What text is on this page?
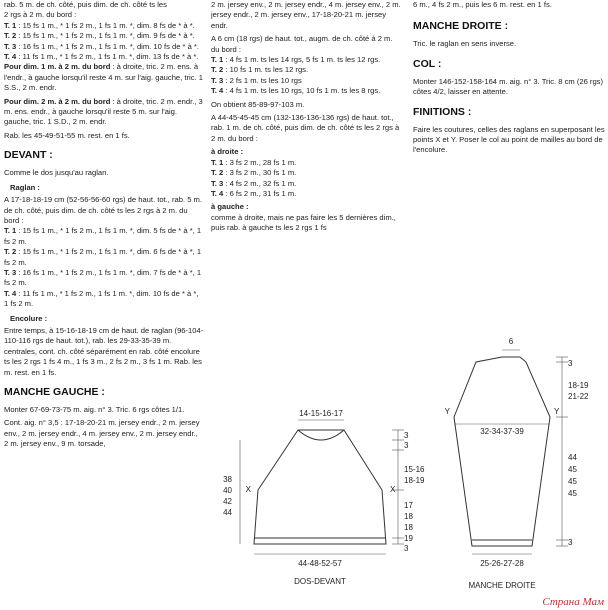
rab. 5 m. de ch. côté, puis dim. de ch. côté ts les
2 rgs à 2 m. du bord :
T. 1 : 15 fs 1 m., * 1 fs 2 m., 1 fs 1 m. *, dim. 8 fs de * à *.
T. 2 : 15 fs 1 m., * 1 fs 2 m., 1 fs 1 m. *, dim. 9 fs de * à *.
T. 3 : 16 fs 1 m., * 1 fs 2 m., 1 fs 1 m. *, dim. 10 fs de * à *.
T. 4 : 11 fs 1 m., * 1 fs 2 m., 1 fs 1 m. *, dim. 13 fs de * à *.

Pour dim. 1 m. à 2 m. du bord : à droite, tric. 2 m. ens. à l'endr., à gauche lorsqu'il reste 4 m. sur l'aig. gauche, tric. 1 S.S., 2 m. endr.

Pour dim. 2 m. à 2 m. du bord : à droite, tric. 2 m. endr., 3 m. ens. endr., à gauche lorsqu'il reste 5 m. sur l'aig. gauche, tric. 1 S.D., 2 m. endr.

Rab. les 45-49-51-55 m. rest. en 1 fs.

DEVANT :

Comme le dos jusqu'au raglan.

Raglan :

A 17-18-18-19 cm (52-56-56-60 rgs) de haut. tot., rab. 5 m. de ch. côté, puis dim. de ch. côté ts les 2 rgs à 2 m. du bord :

T. 1 : 15 fs 1 m., * 1 fs 2 m., 1 fs 1 m. *, dim. 5 fs de * à *, 1 fs 2 m.
T. 2 : 15 fs 1 m., * 1 fs 2 m., 1 fs 1 m. *, dim. 6 fs de * à *, 1 fs 2 m.
T. 3 : 16 fs 1 m., * 1 fs 2 m., 1 fs 1 m. *, dim. 7 fs de * à *, 1 fs 2 m.
T. 4 : 11 fs 1 m., * 1 fs 2 m., 1 fs 1 m. *, dim. 10 fs de * à *, 1 fs 2 m.
Encolure :

Entre temps, à 15-16-18-19 cm de haut. de raglan (96-104-110-116 rgs de haut. tot.), rab. les 29-33-35-39 m. centrales, cont. ch. côté séparément en rab. côté encolure ts les 2 rgs 1 fs 4 m., 1 fs 3 m., 2 fs 2 m., 3 fs 1 m. Rab. les m. rest. en 1 fs.

MANCHE GAUCHE :

Monter 67-69-73-75 m. aig. n° 3. Tric. 6 rgs côtes 1/1.

Cont. aig. n° 3,5 : 17-18-20-21 m. jersey endr., 2 m. jersey env., 2 m. jersey endr., 4 m. jersey env., 2 m. jersey endr., 2 m. jersey env., 9 m. torsade,

2 m. jersey env., 2 m. jersey endr., 4 m. jersey env., 2 m. jersey endr., 2 m. jersey env., 17-18-20-21 m. jersey endr.

A 6 cm (18 rgs) de haut. tot., augm. de ch. côté à 2 m. du bord :

T. 1 : 4 fs 1 m. ts les 14 rgs, 5 fs 1 m. ts les 12 rgs.
T. 2 : 10 fs 1 m. ts les 12 rgs.
T. 3 : 2 fs 1 m. ts les 10 rgs
T. 4 : 4 fs 1 m. ts les 10 rgs, 10 fs 1 m. ts les 8 rgs.

On obtient 85-89-97-103 m.

A 44-45-45-45 cm (132-136-136-136 rgs) de haut. tot., rab. 1 m. de ch. côté, puis dim. de ch. côté ts les 2 rgs à 2 m. du bord :

à droite :
T. 1 : 3 fs 2 m., 28 fs 1 m.
T. 2 : 3 fs 2 m., 30 fs 1 m.
T. 3 : 4 fs 2 m., 32 fs 1 m.
T. 4 : 6 fs 2 m., 31 fs 1 m.
à gauche :

comme à droite, mais ne pas faire les 5 dernières dim., puis rab. à gauche ts les 2 rgs 1 fs

6 m., 4 fs 2 m., puis les 6 m. rest. en 1 fs.

MANCHE DROITE :

Tric. le raglan en sens inverse.

COL :

Monter 146-152-158-164 m. aig. n° 3. Tric. 8 cm (26 rgs) côtes 4/2, laisser en attente.

FINITIONS :

Faire les coutures, celles des raglans en superposant les points X et Y. Poser le col au point de mailles au bord de l'encolure.

14-15-16-17
38
40
42
44
X	X
3
3
15-16
18-19
17
18
18
19
3
44-48-52-57
DOS-DEVANT
6
3
18-19
21-22
Y	Y
32-34-37-39
44
45
45
45
3
25-26-27-28
MANCHE DROITE
Страна Мам
